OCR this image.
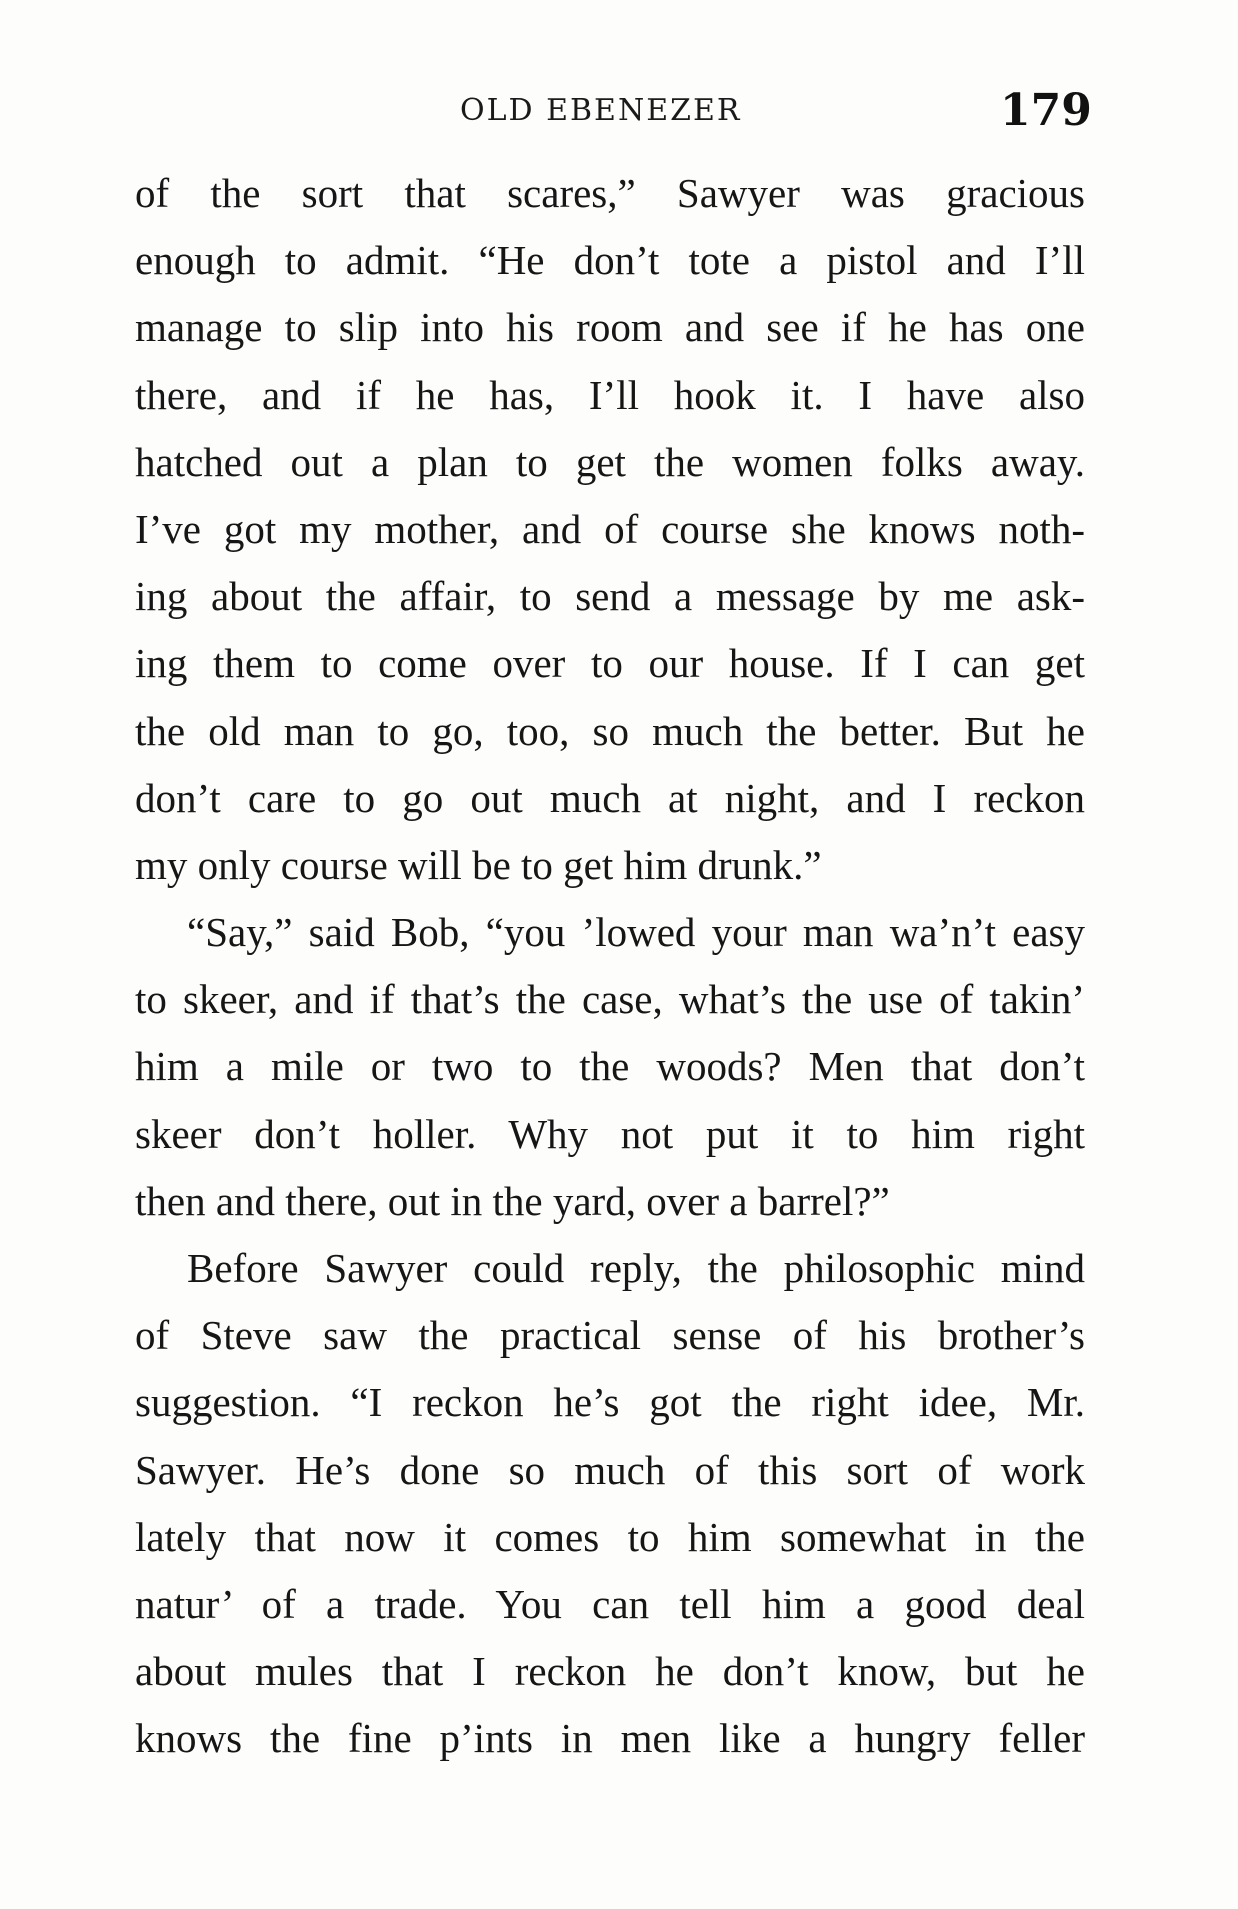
OLD EBENEZER	179
of the sort that scares,” Sawyer was gracious
enough to admit. “He don’t tote a pistol and I’ll
manage to slip into his room and see if he has one
there, and if he has, I’ll hook it. I have also
hatched out a plan to get the women folks away.
I’ve got my mother, and of course she knows noth-
ing about the affair, to send a message by me ask-
ing them to come over to our house. If I can get
the old man to go, too, so much the better. But he
don’t care to go out much at night, and I reckon
my only course will be to get him drunk.”
“Say,” said Bob, “you ’lowed your man wa’n’t easy
to skeer, and if that’s the case, what’s the use of takin’
him a mile or two to the woods? Men that don’t
skeer don’t holler. Why not put it to him right
then and there, out in the yard, over a barrel?”
Before Sawyer could reply, the philosophic mind
of Steve saw the practical sense of his brother’s
suggestion. “I reckon he’s got the right idee, Mr.
Sawyer. He’s done so much of this sort of work
lately that now it comes to him somewhat in the
natur’ of a trade. You can tell him a good deal
about mules that I reckon he don’t know, but he
knows the fine p’ints in men like a hungry feller
